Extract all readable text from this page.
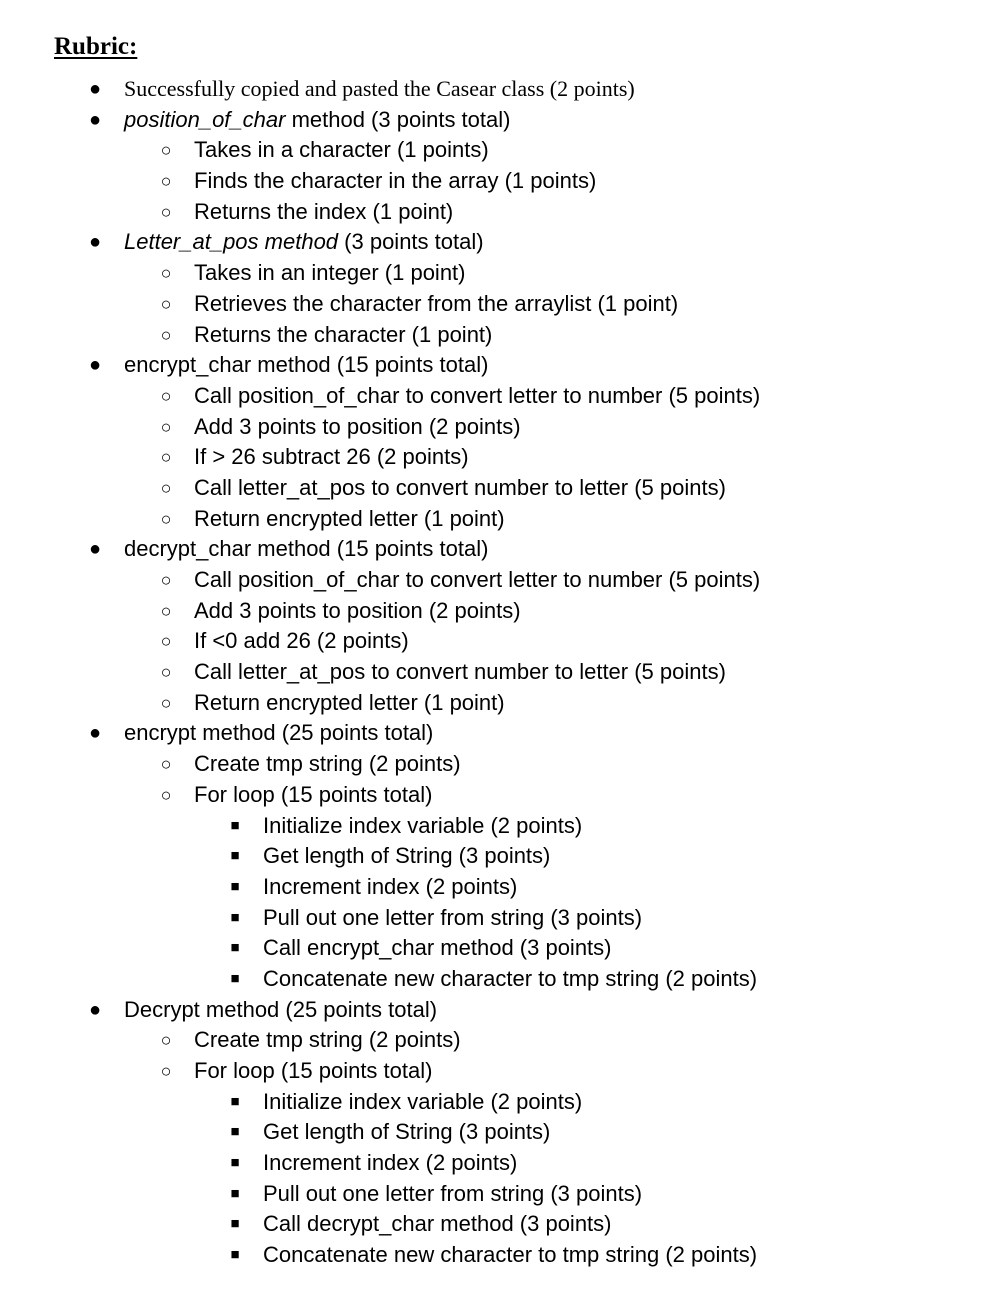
Rubric:
● Successfully copied and pasted the Casear class (2 points)
● position_of_char method (3 points total)
○ Takes in a character (1 points)
○ Finds the character in the array (1 points)
○ Returns the index (1 point)
● Letter_at_pos method (3 points total)
○ Takes in an integer (1 point)
○ Retrieves the character from the arraylist (1 point)
○ Returns the character (1 point)
● encrypt_char method (15 points total)
○ Call position_of_char to convert letter to number (5 points)
○ Add 3 points to position (2 points)
○ If > 26 subtract 26 (2 points)
○ Call letter_at_pos to convert number to letter (5 points)
○ Return encrypted letter (1 point)
● decrypt_char method (15 points total)
○ Call position_of_char to convert letter to number (5 points)
○ Add 3 points to position (2 points)
○ If <0 add 26 (2 points)
○ Call letter_at_pos to convert number to letter (5 points)
○ Return encrypted letter (1 point)
● encrypt method (25 points total)
○ Create tmp string (2 points)
○ For loop (15 points total)
■ Initialize index variable (2 points)
■ Get length of String (3 points)
■ Increment index (2 points)
■ Pull out one letter from string (3 points)
■ Call encrypt_char method (3 points)
■ Concatenate new character to tmp string (2 points)
● Decrypt method (25 points total)
○ Create tmp string (2 points)
○ For loop (15 points total)
■ Initialize index variable (2 points)
■ Get length of String (3 points)
■ Increment index (2 points)
■ Pull out one letter from string (3 points)
■ Call decrypt_char method (3 points)
■ Concatenate new character to tmp string (2 points)
